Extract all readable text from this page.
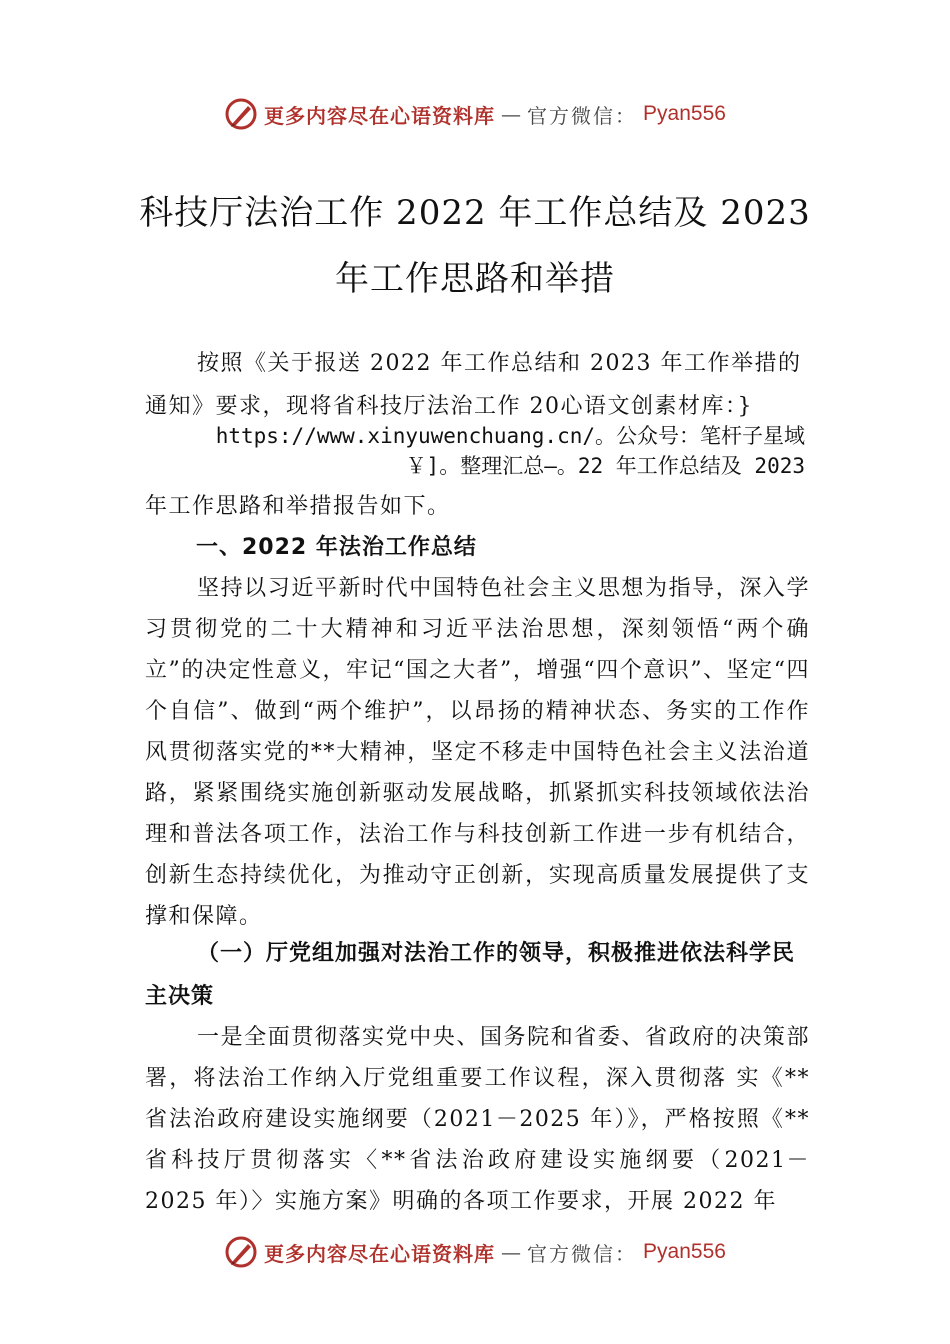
更多内容尽在心语资料库 — 官方微信： Pyan556
科技厅法治工作 2022 年工作总结及 2023
年工作思路和举措
按照《关于报送 2022 年工作总结和 2023 年工作举措的
通知》要求，现将省科技厅法治工作 20心语文创素材库：}
https://www.xinyuwenchuang.cn/。公众号：笔杆子星域
￥]。整理汇总—。22 年工作总结及 2023
年工作思路和举措报告如下。
一、2022 年法治工作总结
坚持以习近平新时代中国特色社会主义思想为指导，深入学习贯彻党的二十大精神和习近平法治思想，深刻领悟“两个确立”的决定性意义，牢记“国之大者”，增强“四个意识”、坚定“四个自信”、做到“两个维护”，以昂扬的精神状态、务实的工作作风贯彻落实党的**大精神，坚定不移走中国特色社会主义法治道路，紧紧围绕实施创新驱动发展战略，抓紧抓实科技领域依法治理和普法各项工作，法治工作与科技创新工作进一步有机结合，创新生态持续优化，为推动守正创新，实现高质量发展提供了支撑和保障。
（一）厅党组加强对法治工作的领导，积极推进依法科学民主决策
一是全面贯彻落实党中央、国务院和省委、省政府的决策部署，将法治工作纳入厅党组重要工作议程，深入贯彻落 实《**省法治政府建设实施纲要（2021－2025 年）》，严格按照《**省科技厅贯彻落实〈**省法治政府建设实施纲要（2021－2025 年）〉实施方案》明确的各项工作要求，开展 2022 年
更多内容尽在心语资料库 — 官方微信： Pyan556
